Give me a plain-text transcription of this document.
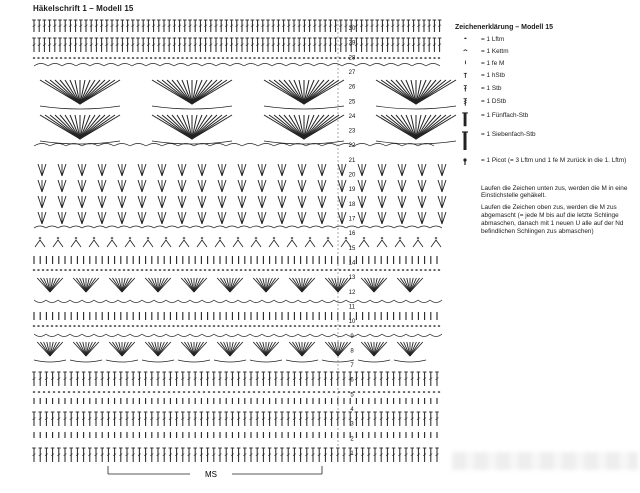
Häkelschrift 1 – Modell 15
30
29
28
27
26
25
24
23
22
21
20
19
18
17
16
15
14
13
12
11
10
9
8
7
6
5
4
3
2
1
MS
Zeichenerklärung – Modell 15
= 1 Lftm
= 1 Kettm
= 1 fe M
= 1 hStb
= 1 Stb
= 1 DStb
= 1 Fünffach-Stb
= 1 Siebenfach-Stb
= 1 Picot (= 3 Lftm und 1 fe M zurück in die 1. Lftm)
Laufen die Zeichen unten zus, werden die M in eine Einstichstelle gehäkelt.
Laufen die Zeichen oben zus, werden die M zus abgemascht (= jede M bis auf die letzte Schlinge abmaschen, danach mit 1 neuen U alle auf der Nd befindlichen Schlingen zus abmaschen)
